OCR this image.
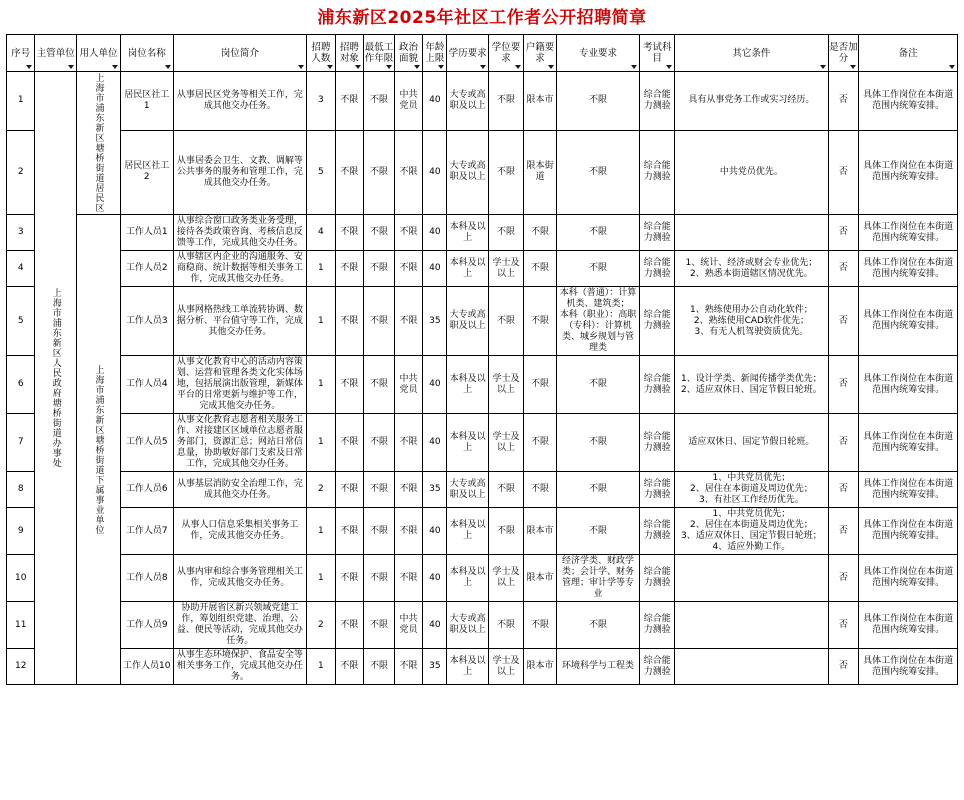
浦东新区2025年社区工作者公开招聘简章
序号	主管单位	用人单位	岗位名称	岗位简介	招聘人数	招聘对象	最低工作年限	政治面貌	年龄上限	学历要求	学位要求	户籍要求	专业要求	考试科目	其它条件	是否加分	备注

1	上海市浦东新区人民政府塘桥街道办事处	上海市浦东新区塘桥街道居民区	居民区社工1	从事居民区党务等相关工作，完成其他交办任务。	3	不限	不限	中共党员	40	大专或高职及以上	不限	限本市	不限	综合能力测验	具有从事党务工作或实习经历。	否	具体工作岗位在本街道范围内统筹安排。
2			居民区社工2	从事居委会卫生、文教、调解等公共事务的服务和管理工作，完成其他交办任务。	5	不限	不限	不限	40	大专或高职及以上	不限	限本街道	不限	综合能力测验	中共党员优先。	否	具体工作岗位在本街道范围内统筹安排。
3		上海市浦东新区塘桥街道下属事业单位	工作人员1	从事综合窗口政务类业务受理，接待各类政策咨询、考核信息反馈等工作，完成其他交办任务。	4	不限	不限	不限	40	本科及以上	不限	不限	不限	综合能力测验		否	具体工作岗位在本街道范围内统筹安排。
4			工作人员2	从事辖区内企业的沟通服务、安商稳商、统计数据等相关事务工作，完成其他交办任务。	1	不限	不限	不限	40	本科及以上	学士及以上	不限	不限	综合能力测验	1、统计、经济或财会专业优先；
2、熟悉本街道辖区情况优先。	否	具体工作岗位在本街道范围内统筹安排。
5			工作人员3	从事网格热线工单流转协调、数据分析、平台值守等工作，完成其他交办任务。	1	不限	不限	不限	35	大专或高职及以上	不限	不限	本科（普通）：计算机类、建筑类；
本科（职业）：高职（专科）：计算机类、城乡规划与管理类	综合能力测验	1、熟练使用办公自动化软件；
2、熟练使用CAD软件优先；
3、有无人机驾驶资质优先。	否	具体工作岗位在本街道范围内统筹安排。
6			工作人员4	从事文化教育中心的活动内容策划、运营和管理各类文化实体场地，包括展演出版管理，新媒体平台的日常更新与维护等工作，完成其他交办任务。	1	不限	不限	中共党员	40	本科及以上	学士及以上	不限	不限	综合能力测验	1、设计学类、新闻传播学类优先；
2、适应双休日、国定节假日轮班。	否	具体工作岗位在本街道范围内统筹安排。
7			工作人员5	从事文化教育志愿者相关服务工作、对接建区区域单位志愿者服务部门，资源汇总；网站日常信息量，协助敏好部门支索及日常工作，完成其他交办任务。	1	不限	不限	不限	40	本科及以上	学士及以上	不限	不限	综合能力测验	适应双休日、国定节假日轮班。	否	具体工作岗位在本街道范围内统筹安排。
8			工作人员6	从事基层消防安全治理工作，完成其他交办任务。	2	不限	不限	不限	35	大专或高职及以上	不限	不限	不限	综合能力测验	1、中共党员优先；
2、居住在本街道及周边优先；
3、有社区工作经历优先。	否	具体工作岗位在本街道范围内统筹安排。
9			工作人员7	从事人口信息采集相关事务工作，完成其他交办任务。	1	不限	不限	不限	40	本科及以上	不限	限本市	不限	综合能力测验	1、中共党员优先；
2、居住在本街道及周边优先；
3、适应双休日、国定节假日轮班；
4、适应外勤工作。	否	具体工作岗位在本街道范围内统筹安排。
10			工作人员8	从事内审和综合事务管理相关工作，完成其他交办任务。	1	不限	不限	不限	40	本科及以上	学士及以上	限本市	经济学类、财政学类；会计学、财务管理；审计学等专业	综合能力测验		否	具体工作岗位在本街道范围内统筹安排。
11			工作人员9	协助开展省区新兴领域党建工作，筹划组织党建、治理、公益、便民等活动，完成其他交办任务。	2	不限	不限	中共党员	40	大专或高职及以上	不限	不限	不限	综合能力测验		否	具体工作岗位在本街道范围内统筹安排。
12			工作人员10	从事生态环境保护、食品安全等相关事务工作，完成其他交办任务。	1	不限	不限	不限	35	本科及以上	学士及以上	限本市	环境科学与工程类	综合能力测验		否	具体工作岗位在本街道范围内统筹安排。
